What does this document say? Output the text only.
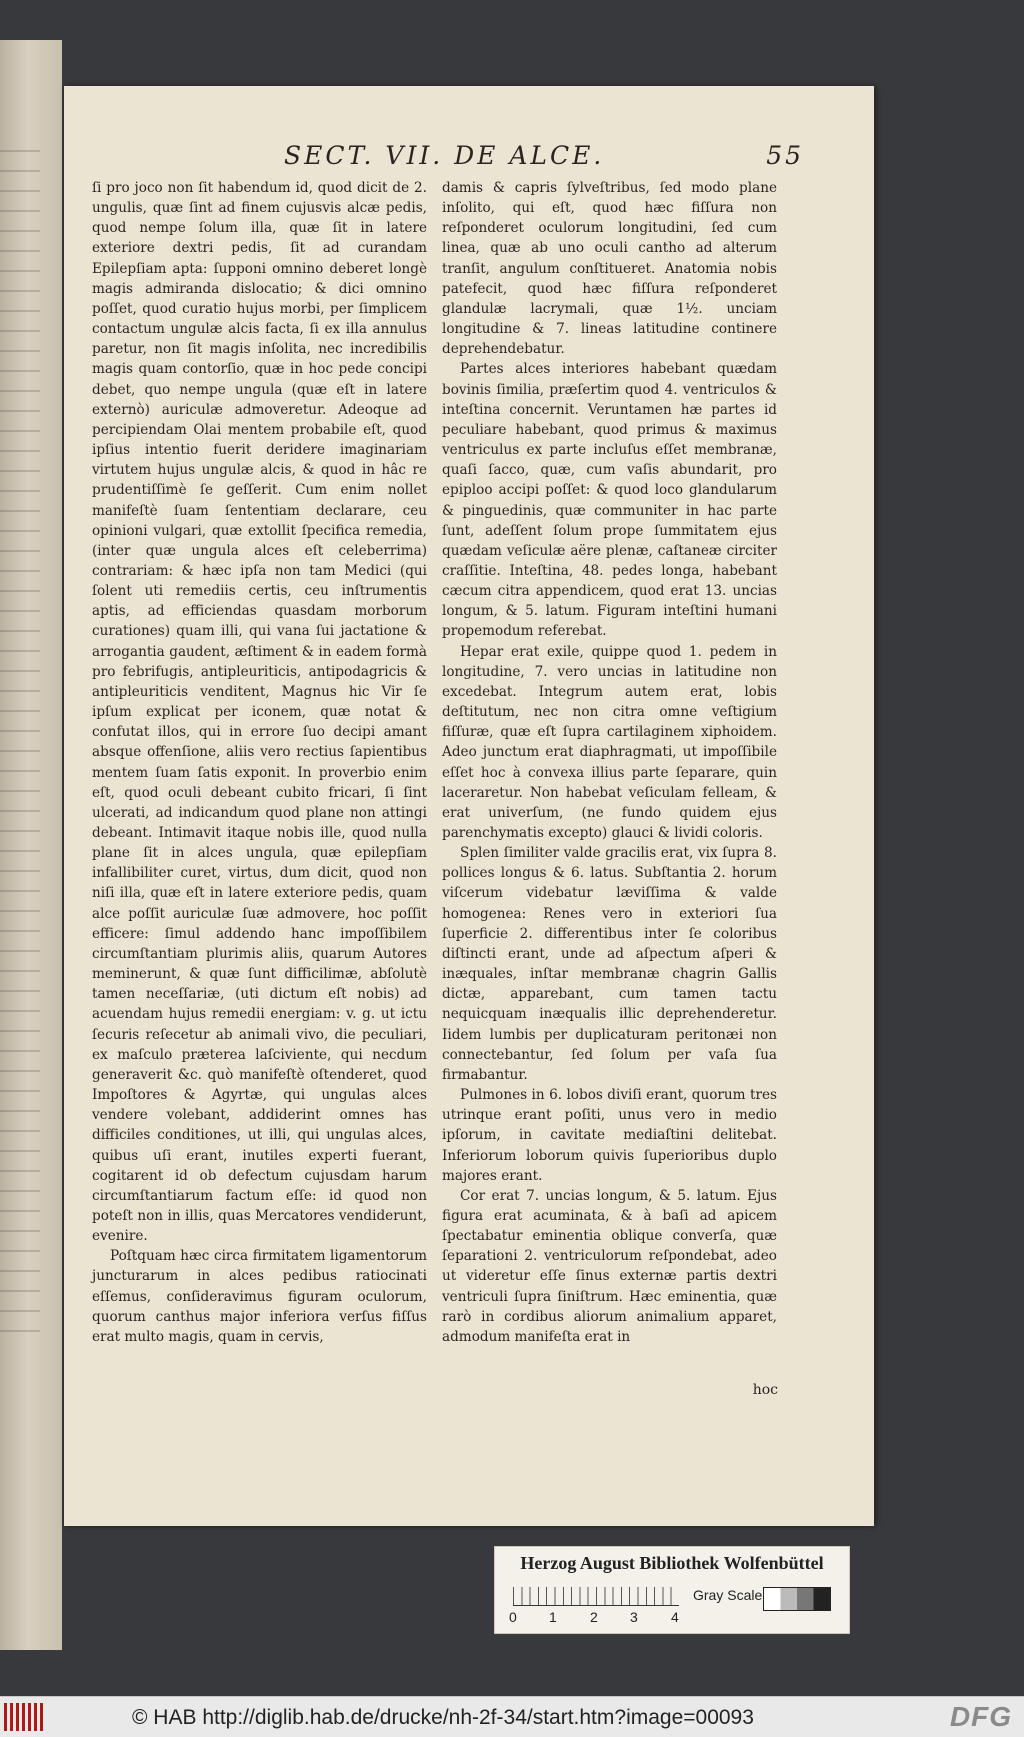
SECT. VII. DE ALCE.	55

ſi pro joco non ſit habendum id, quod dicit de 2. ungulis, quæ ſint ad finem cujusvis alcæ pedis, quod nempe ſolum illa, quæ ſit in latere exteriore dextri pedis, ſit ad curandam Epilepſiam apta: ſupponi omnino deberet longè magis admiranda dislocatio; & dici omnino poſſet, quod curatio hujus morbi, per ſimplicem contactum ungulæ alcis facta, ſi ex illa annulus paretur, non ſit magis inſolita, nec incredibilis magis quam contorſio, quæ in hoc pede concipi debet, quo nempe ungula (quæ eſt in latere externò) auriculæ admoveretur. Adeoque ad percipiendam Olai mentem probabile eſt, quod ipſius intentio fuerit deridere imaginariam virtutem hujus ungulæ alcis, & quod in hâc re prudentiſſimè ſe geſſerit. Cum enim nollet manifeſtè ſuam ſententiam declarare, ceu opinioni vulgari, quæ extollit ſpecifica remedia, (inter quæ ungula alces eſt celeberrima) contrariam: & hæc ipſa non tam Medici (qui ſolent uti remediis certis, ceu inſtrumentis aptis, ad efficiendas quasdam morborum curationes) quam illi, qui vana ſui jactatione & arrogantia gaudent, æſtiment & in eadem formà pro febrifugis, antipleuriticis, antipodagricis & antipleuriticis venditent, Magnus hic Vir ſe ipſum explicat per iconem, quæ notat & confutat illos, qui in errore ſuo decipi amant absque offenſione, aliis vero rectius ſapientibus mentem ſuam ſatis exponit. In proverbio enim eſt, quod oculi debeant cubito fricari, ſi ſint ulcerati, ad indicandum quod plane non attingi debeant. Intimavit itaque nobis ille, quod nulla plane ſit in alces ungula, quæ epilepſiam infallibiliter curet, virtus, dum dicit, quod non niſi illa, quæ eſt in latere exteriore pedis, quam alce poſſit auriculæ ſuæ admovere, hoc poſſit efficere: ſimul addendo hanc impoſſibilem circumſtantiam plurimis aliis, quarum Autores meminerunt, & quæ ſunt difficilimæ, abſolutè tamen neceſſariæ, (uti dictum eſt nobis) ad acuendam hujus remedii energiam: v. g. ut ictu ſecuris reſecetur ab animali vivo, die peculiari, ex maſculo præterea laſciviente, qui necdum generaverit &c. quò manifeſtè oſtenderet, quod Impoſtores & Agyrtæ, qui ungulas alces vendere volebant, addiderint omnes has difficiles conditiones, ut illi, qui ungulas alces, quibus uſi erant, inutiles experti fuerant, cogitarent id ob defectum cujusdam harum circumſtantiarum factum eſſe: id quod non poteſt non in illis, quas Mercatores vendiderunt, evenire.

Poſtquam hæc circa firmitatem ligamentorum juncturarum in alces pedibus ratiocinati eſſemus, conſideravimus figuram oculorum, quorum canthus major inferiora verſus fiſſus erat multo magis, quam in cervis,

damis & capris ſylveſtribus, ſed modo plane inſolito, qui eſt, quod hæc fiſſura non reſponderet oculorum longitudini, ſed cum linea, quæ ab uno oculi cantho ad alterum tranſit, angulum conſtitueret. Anatomia nobis patefecit, quod hæc fiſſura reſponderet glandulæ lacrymali, quæ 1½. unciam longitudine & 7. lineas latitudine continere deprehendebatur.

Partes alces interiores habebant quædam bovinis ſimilia, præſertim quod 4. ventriculos & inteſtina concernit. Veruntamen hæ partes id peculiare habebant, quod primus & maximus ventriculus ex parte incluſus eſſet membranæ, quaſi ſacco, quæ, cum vaſis abundarit, pro epiploo accipi poſſet: & quod loco glandularum & pinguedinis, quæ communiter in hac parte ſunt, adeſſent ſolum prope ſummitatem ejus quædam veſiculæ aëre plenæ, caſtaneæ circiter craſſitie. Inteſtina, 48. pedes longa, habebant cæcum citra appendicem, quod erat 13. uncias longum, & 5. latum. Figuram inteſtini humani propemodum referebat.

Hepar erat exile, quippe quod 1. pedem in longitudine, 7. vero uncias in latitudine non excedebat. Integrum autem erat, lobis deſtitutum, nec non citra omne veſtigium fiſſuræ, quæ eſt ſupra cartilaginem xiphoidem. Adeo junctum erat diaphragmati, ut impoſſibile eſſet hoc à convexa illius parte ſeparare, quin laceraretur. Non habebat veſiculam felleam, & erat univerſum, (ne fundo quidem ejus parenchymatis excepto) glauci & lividi coloris.

Splen ſimiliter valde gracilis erat, vix ſupra 8. pollices longus & 6. latus. Subſtantia 2. horum viſcerum videbatur læviſſima & valde homogenea: Renes vero in exteriori ſua ſuperficie 2. differentibus inter ſe coloribus diſtincti erant, unde ad aſpectum aſperi & inæquales, inſtar membranæ chagrin Gallis dictæ, apparebant, cum tamen tactu nequicquam inæqualis illic deprehenderetur. Iidem lumbis per duplicaturam peritonæi non connectebantur, ſed ſolum per vaſa ſua firmabantur.

Pulmones in 6. lobos diviſi erant, quorum tres utrinque erant poſiti, unus vero in medio ipſorum, in cavitate mediaſtini delitebat. Inferiorum loborum quivis ſuperioribus duplo majores erant.

Cor erat 7. uncias longum, & 5. latum. Ejus figura erat acuminata, & à baſi ad apicem ſpectabatur eminentia oblique converſa, quæ ſeparationi 2. ventriculorum reſpondebat, adeo ut videretur eſſe ſinus externæ partis dextri ventriculi ſupra ſiniſtrum. Hæc eminentia, quæ rarò in cordibus aliorum animalium apparet, admodum manifeſta erat in

hoc
Herzog August Bibliothek Wolfenbüttel
0 1 2 3 4
Gray Scale
© HAB http://diglib.hab.de/drucke/nh-2f-34/start.htm?image=00093	DFG
